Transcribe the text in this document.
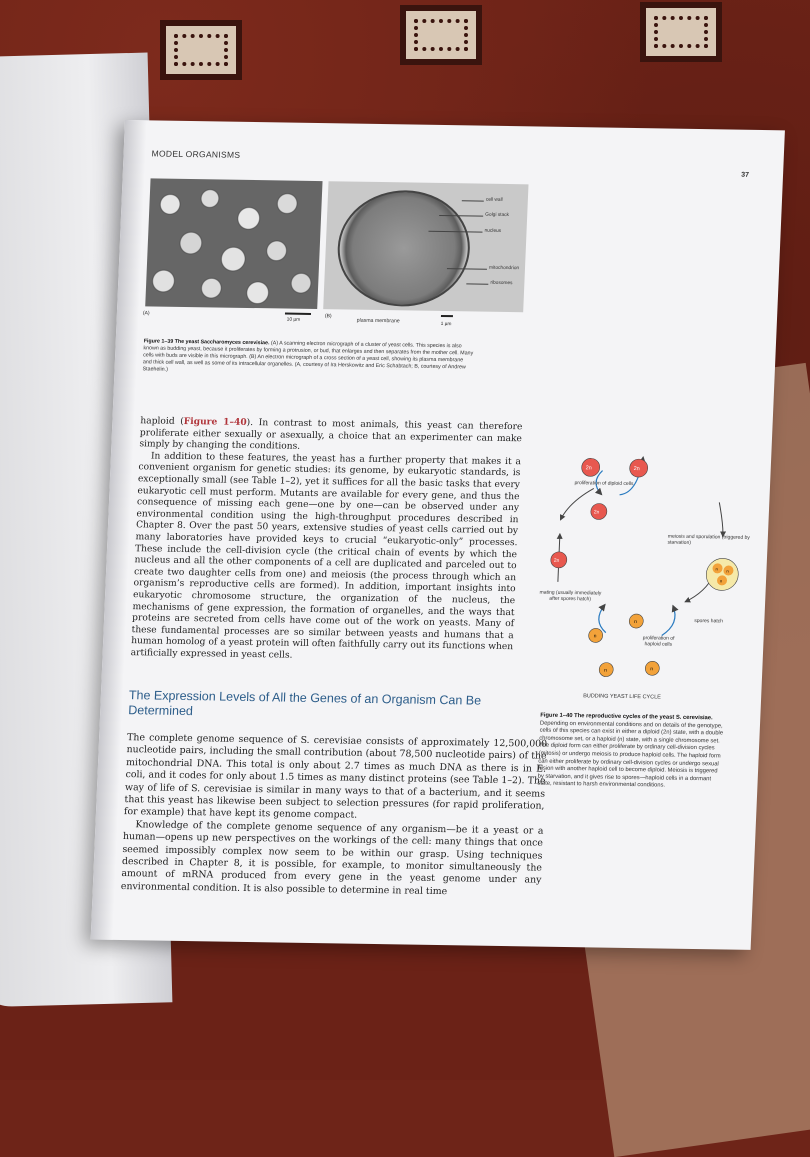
MODEL ORGANISMS
37
cell wall
Golgi stack
nucleus
mitochondrion
ribosomes
(A)
10 µm
(B)
plasma membrane
1 µm
Figure 1–39 The yeast Saccharomyces cerevisiae. (A) A scanning electron micrograph of a cluster of yeast cells. This species is also known as budding yeast, because it proliferates by forming a protrusion, or bud, that enlarges and then separates from the mother cell. Many cells with buds are visible in this micrograph. (B) An electron micrograph of a cross section of a yeast cell, showing its plasma membrane and thick cell wall, as well as some of its intracellular organelles. (A, courtesy of Ira Herskowitz and Eric Schabtach; B, courtesy of Andrew Staehelin.)

haploid (Figure 1–40). In contrast to most animals, this yeast can therefore proliferate either sexually or asexually, a choice that an experimenter can make simply by changing the conditions.

In addition to these features, the yeast has a further property that makes it a convenient organism for genetic studies: its genome, by eukaryotic standards, is exceptionally small (see Table 1–2), yet it suffices for all the basic tasks that every eukaryotic cell must perform. Mutants are available for every gene, and thus the consequence of missing each gene—one by one—can be observed under any environmental condition using the high-throughput procedures described in Chapter 8. Over the past 50 years, extensive studies of yeast cells carried out by many laboratories have provided keys to crucial “eukaryotic-only” processes. These include the cell-division cycle (the critical chain of events by which the nucleus and all the other components of a cell are duplicated and parceled out to create two daughter cells from one) and meiosis (the process through which an organism’s reproductive cells are formed). In addition, important insights into eukaryotic chromosome structure, the organization of the nucleus, the mechanisms of gene expression, the formation of organelles, and the ways that proteins are secreted from cells have come out of the work on yeasts. Many of these fundamental processes are so similar between yeasts and humans that a human homolog of a yeast protein will often faithfully carry out its functions when artificially expressed in yeast cells.

2n	2n
2n
2n
n n
n
n
n
n	n
proliferation of diploid cells
meiosis and sporulation (triggered by starvation)
mating (usually immediately after spores hatch)
spores hatch
proliferation of haploid cells
BUDDING YEAST LIFE CYCLE
The Expression Levels of All the Genes of an Organism Can Be Determined

The complete genome sequence of S. cerevisiae consists of approximately 12,500,000 nucleotide pairs, including the small contribution (about 78,500 nucleotide pairs) of the mitochondrial DNA. This total is only about 2.7 times as much DNA as there is in E. coli, and it codes for only about 1.5 times as many distinct proteins (see Table 1–2). The way of life of S. cerevisiae is similar in many ways to that of a bacterium, and it seems that this yeast has likewise been subject to selection pressures (for rapid proliferation, for example) that have kept its genome compact.

Knowledge of the complete genome sequence of any organism—be it a yeast or a human—opens up new perspectives on the workings of the cell: many things that once seemed impossibly complex now seem to be within our grasp. Using techniques described in Chapter 8, it is possible, for example, to monitor simultaneously the amount of mRNA produced from every gene in the yeast genome under any environmental condition. It is also possible to determine in real time

Figure 1–40 The reproductive cycles of the yeast S. cerevisiae. Depending on environmental conditions and on details of the genotype, cells of this species can exist in either a diploid (2n) state, with a double chromosome set, or a haploid (n) state, with a single chromosome set. The diploid form can either proliferate by ordinary cell-division cycles (mitosis) or undergo meiosis to produce haploid cells. The haploid form can either proliferate by ordinary cell-division cycles or undergo sexual fusion with another haploid cell to become diploid. Meiosis is triggered by starvation, and it gives rise to spores—haploid cells in a dormant state, resistant to harsh environmental conditions.
